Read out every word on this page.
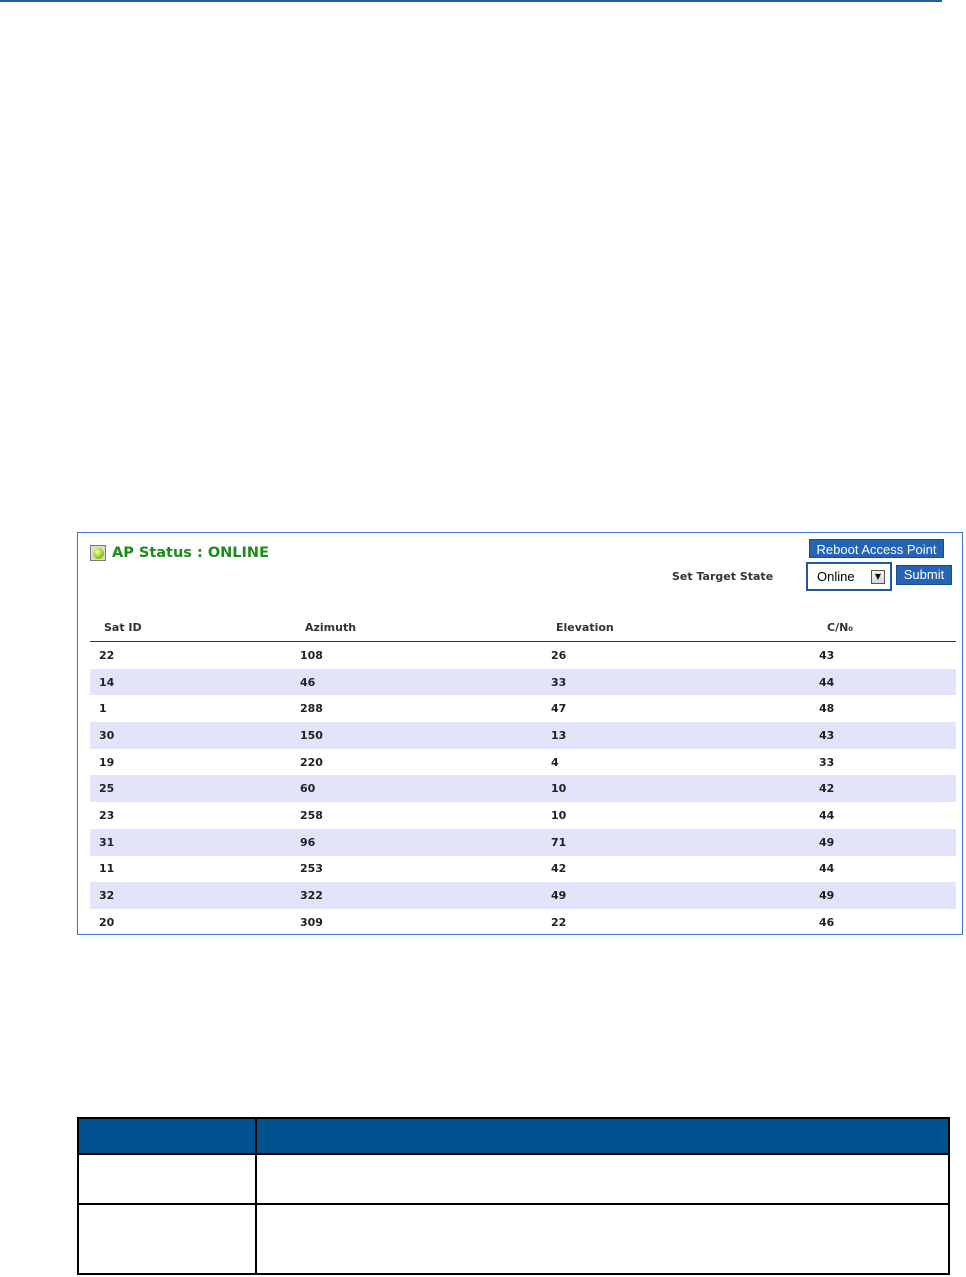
AP Status : ONLINE	Reboot Access Point
Set Target State	Online	▼	Submit
Sat ID	Azimuth	Elevation	C/N₀
22	108	26	43
14	46	33	44
1	288	47	48
30	150	13	43
19	220	4	33
25	60	10	42
23	258	10	44
31	96	71	49
11	253	42	44
32	322	49	49
20	309	22	46
